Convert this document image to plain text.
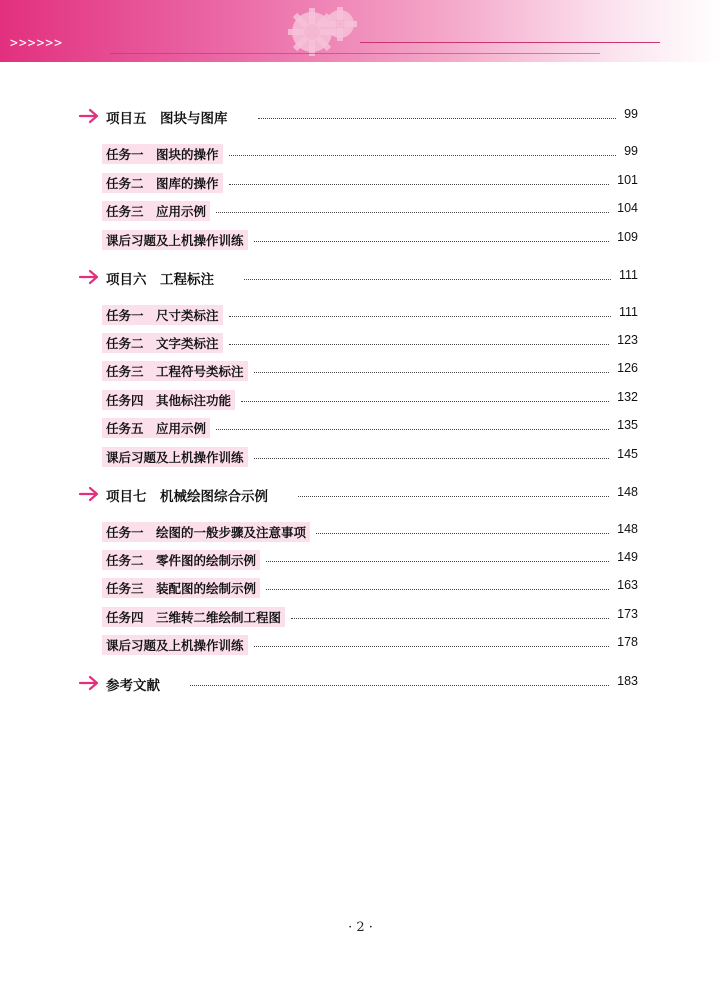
>>>>>>
项目五　图块与图库	99
任务一　图块的操作	99
任务二　图库的操作	101
任务三　应用示例	104
课后习题及上机操作训练	109
项目六　工程标注	111
任务一　尺寸类标注	111
任务二　文字类标注	123
任务三　工程符号类标注	126
任务四　其他标注功能	132
任务五　应用示例	135
课后习题及上机操作训练	145
项目七　机械绘图综合示例	148
任务一　绘图的一般步骤及注意事项	148
任务二　零件图的绘制示例	149
任务三　装配图的绘制示例	163
任务四　三维转二维绘制工程图	173
课后习题及上机操作训练	178
参考文献	183
· 2 ·
